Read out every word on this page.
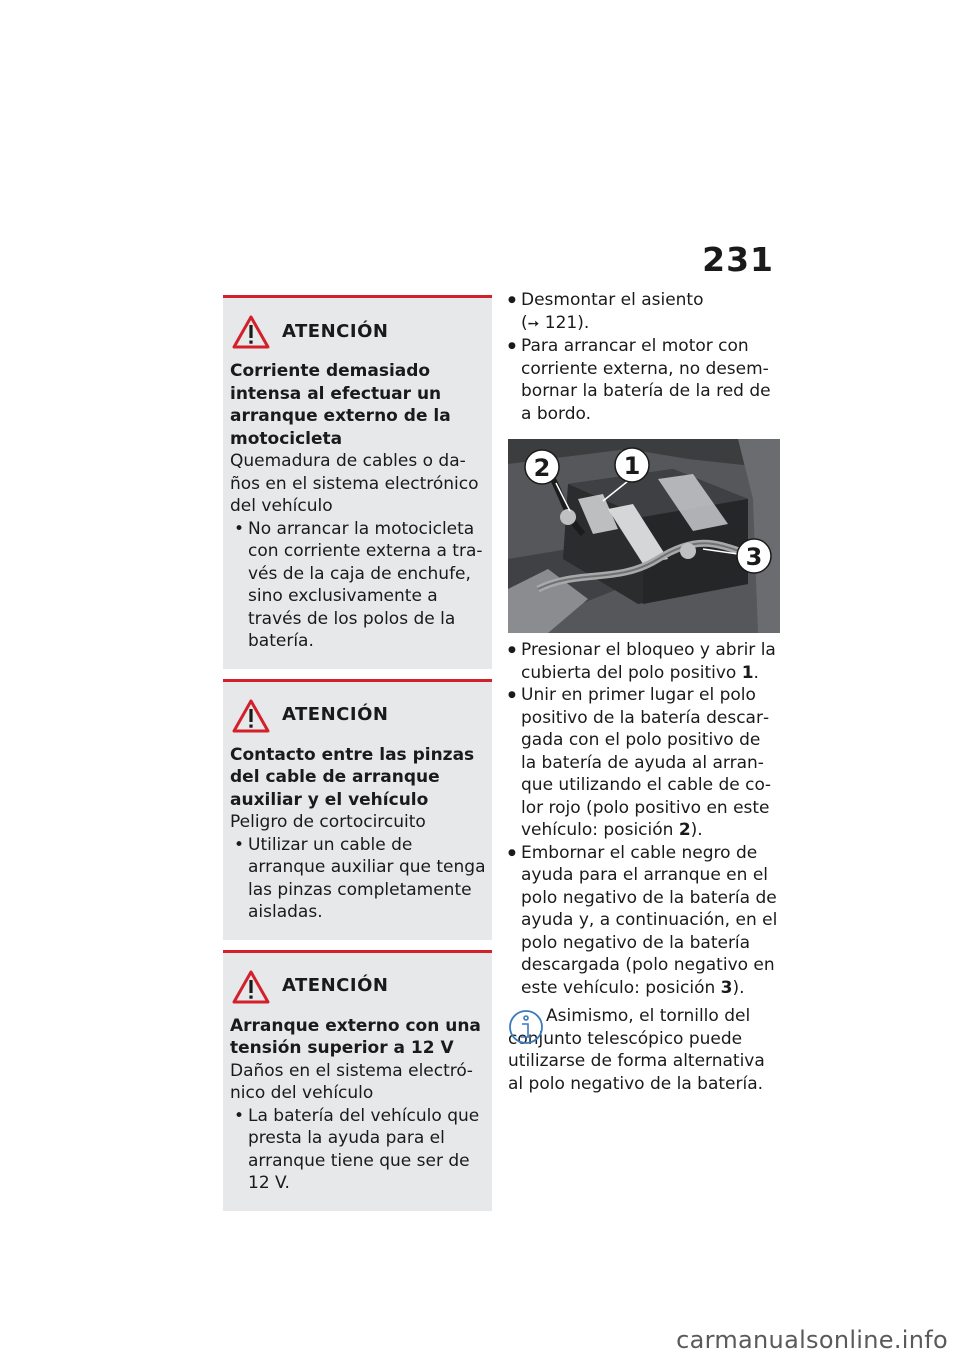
231
ATENCIÓN
Corriente demasiado intensa al efectuar un arranque externo de la motocicleta
Quemadura de cables o daños en el sistema electrónico del vehículo
• No arrancar la motocicleta con corriente externa a través de la caja de enchufe, sino exclusivamente a través de los polos de la batería.
ATENCIÓN
Contacto entre las pinzas del cable de arranque auxiliar y el vehículo
Peligro de cortocircuito
• Utilizar un cable de arranque auxiliar que tenga las pinzas completamente aisladas.
ATENCIÓN
Arranque externo con una tensión superior a 12 V
Daños en el sistema electrónico del vehículo
• La batería del vehículo que presta la ayuda para el arranque tiene que ser de 12 V.
● Desmontar el asiento
(➙ 121).
● Para arrancar el motor con corriente externa, no desembornar la batería de la red de a bordo.
2	1
3
● Presionar el bloqueo y abrir la cubierta del polo positivo 1.
● Unir en primer lugar el polo positivo de la batería descargada con el polo positivo de la batería de ayuda al arranque utilizando el cable de color rojo (polo positivo en este vehículo: posición 2).
● Embornar el cable negro de ayuda para el arranque en el polo negativo de la batería de ayuda y, a continuación, en el polo negativo de la batería descargada (polo negativo en este vehículo: posición 3).
Asimismo, el tornillo del conjunto telescópico puede utilizarse de forma alternativa al polo negativo de la batería.
carmanualsonline.info
